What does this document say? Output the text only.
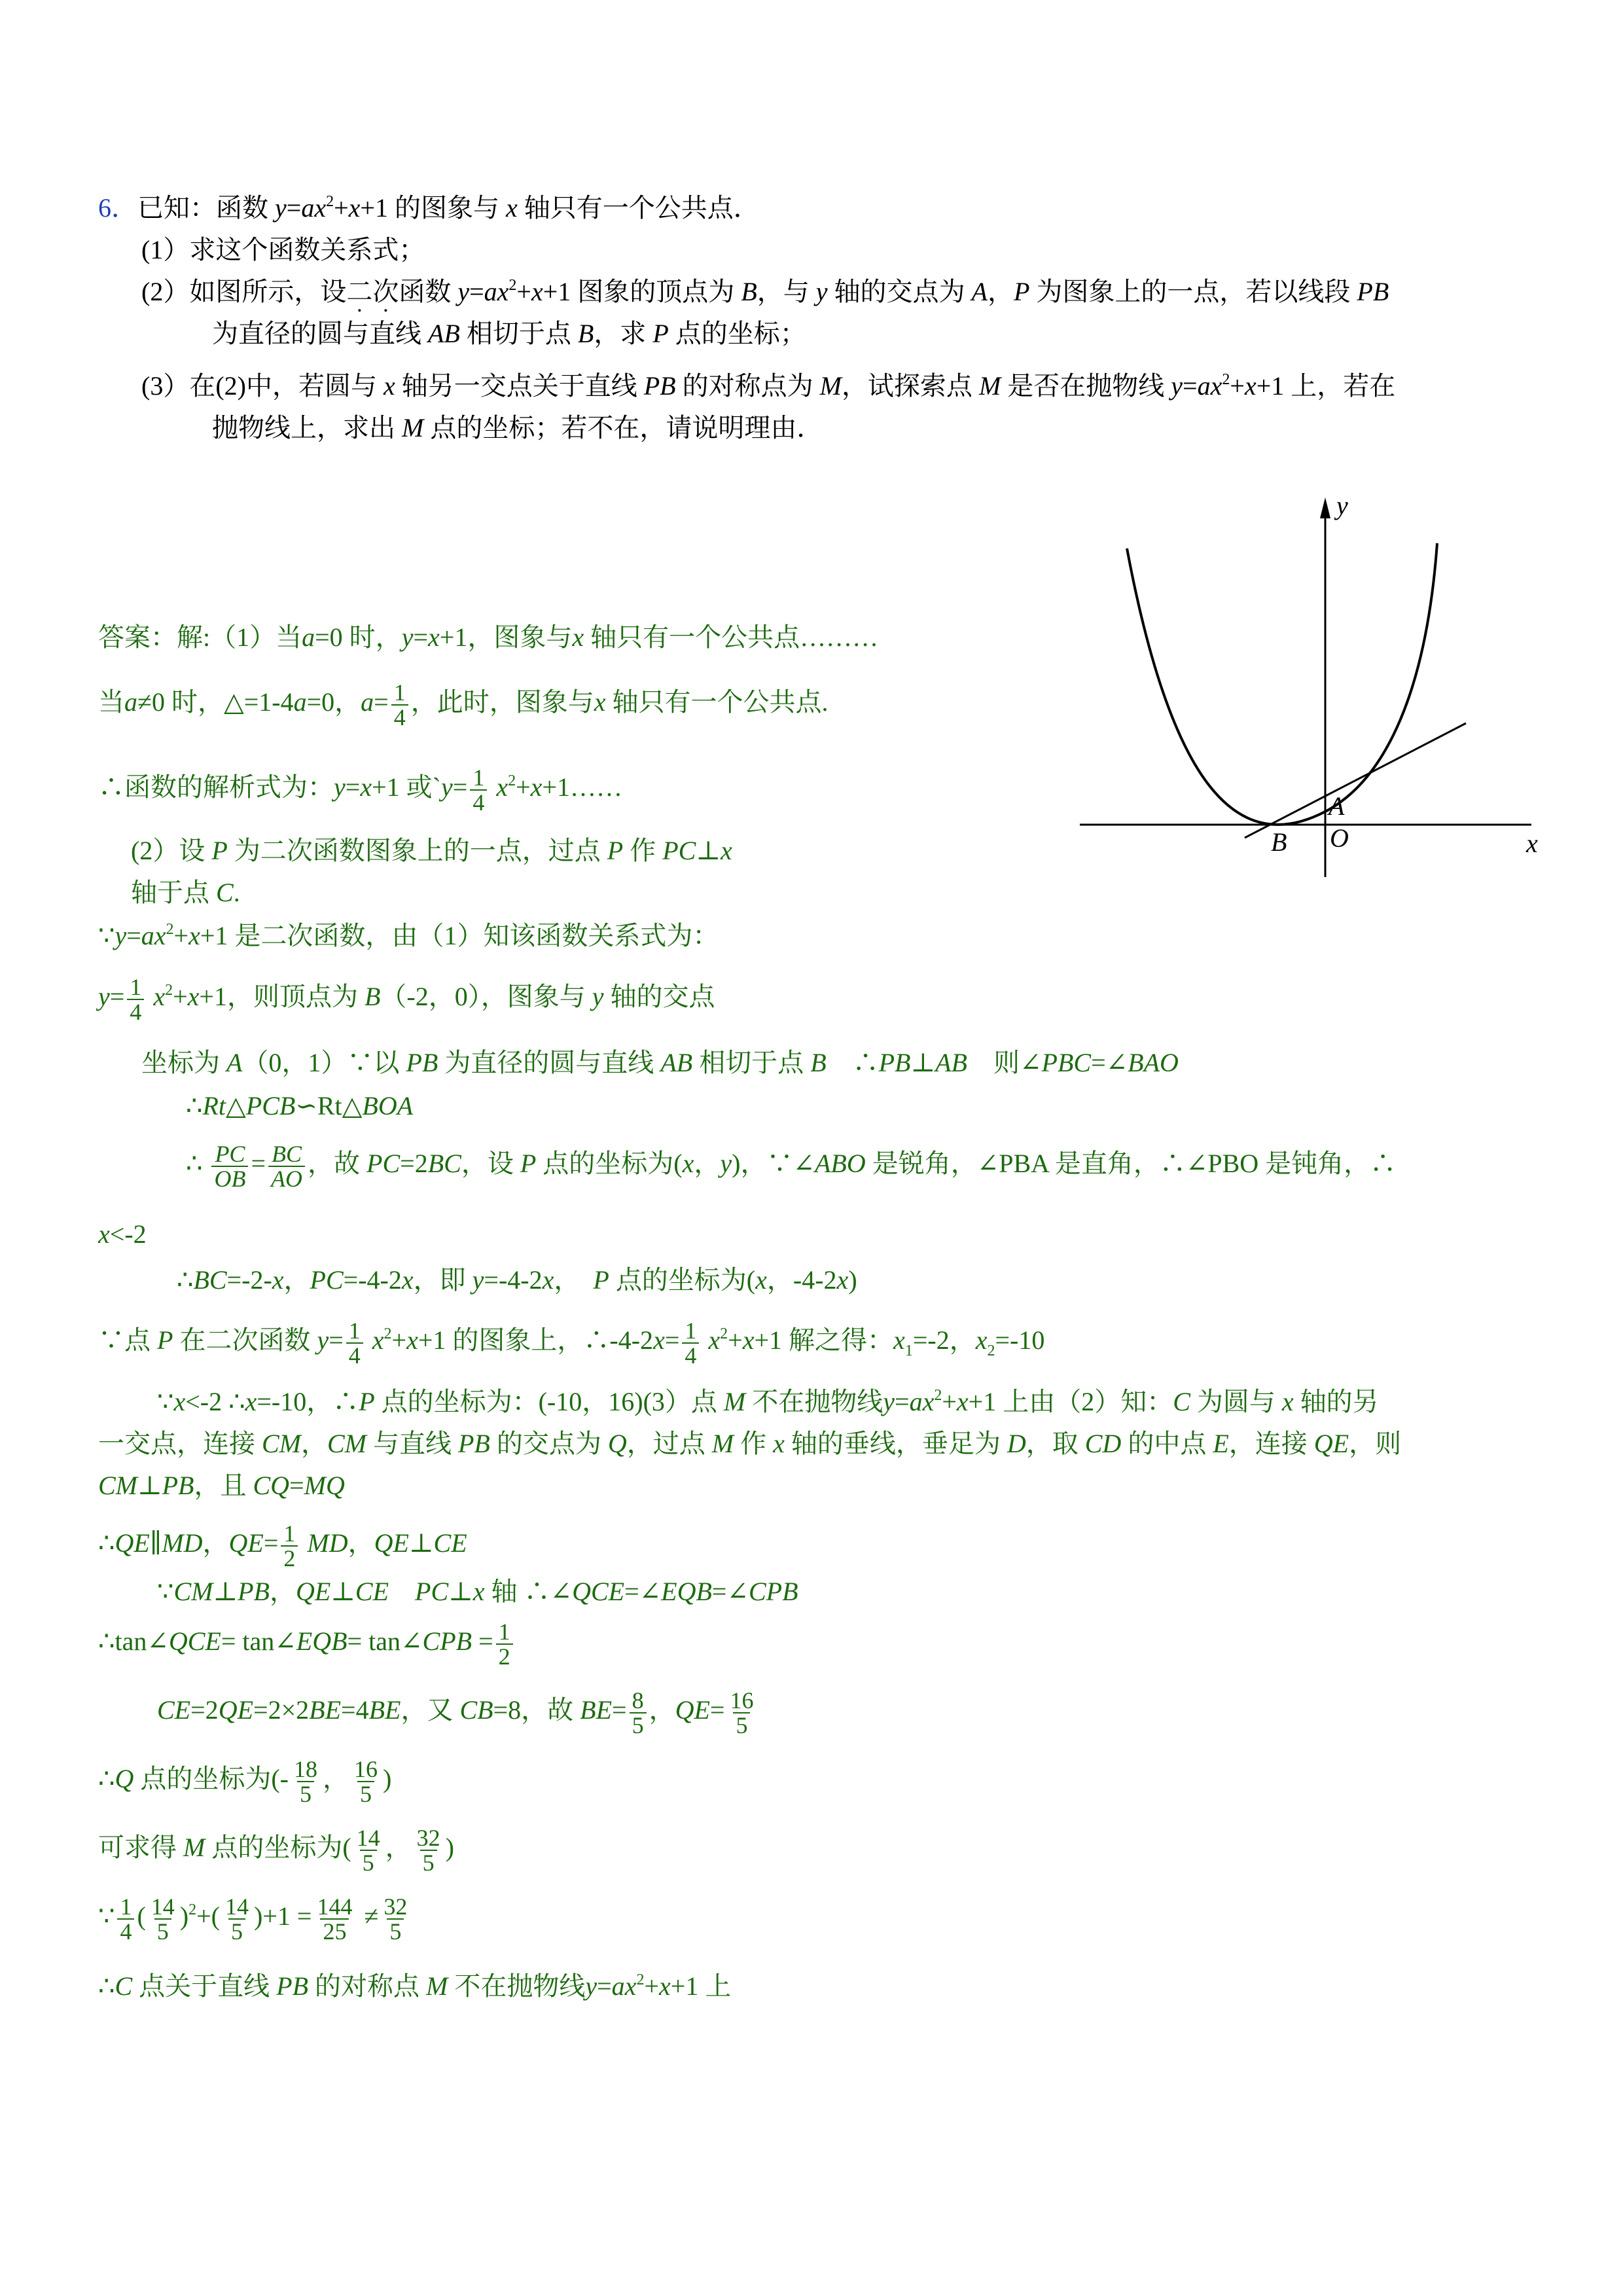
6．已知：函数 $y=ax^2+x+1$ 的图象与 x 轴只有一个公共点．
(1）求这个函数关系式；
(2）如图所示，设二次函数 $y=ax^2+x+1$ 图象的顶点为 B，与 y 轴的交点为 A，P 为图象上的一点，若以线段 PB
为直径的圆与直线 AB 相切于点 B，求 P 点的坐标；
(3）在(2)中，若圆与 x 轴另一交点关于直线 PB 的对称点为 M，试探索点 M 是否在抛物线 $y=ax^2+x+1$ 上，若在
抛物线上，求出 M 点的坐标；若不在，请说明理由．
y
x
A
B O
答案：解:（1）当a=0 时，y=x+1，图象与x 轴只有一个公共点………
当a≠0 时，△=1-4a=0，$a= \frac{1}{4}$ ，此时，图象与x 轴只有一个公共点.
∴函数的解析式为：y=x+1 或`y= $\frac{1}{4}$ $x^2+x+1\dots\dots$
(2）设 P 为二次函数图象上的一点，过点 P 作 PC⊥x
轴于点 C.
$\because y=ax^2+x+1$ 是二次函数，由（1）知该函数关系式为：
$y= \frac{1}{4} x^2+x+1$，则顶点为 B（-2，0），图象与 y 轴的交点
坐标为 A（0，1）∵以 PB 为直径的圆与直线 AB 相切于点 B　∴PB⊥AB　则∠PBC=∠BAO
∴Rt△PCB∽Rt△BOA
∴ $\frac{PC}{OB} = \frac{BC}{AO}$ ，故 PC=2BC，设 P 点的坐标为(x，y)，∵∠ABO 是锐角，∠PBA 是直角，∴∠PBO 是钝角，∴
x<-2
∴BC=-2-x，PC=-4-2x，即 y=-4-2x，　P 点的坐标为(x，-4-2x)
∵点 P 在二次函数 $y= \frac{1}{4} x^2+x+1$ 的图象上，∴-4-2x= $\frac{1}{4} x^2+x+1$ 解之得：$x_1=-2$，$x_2=-10$
∵x<-2 ∴x=-10，∴P 点的坐标为：(-10，16)(3）点 M 不在抛物线$y=ax^2+x+1$ 上由（2）知：C 为圆与 x 轴的另
一交点，连接 CM，CM 与直线 PB 的交点为 Q，过点 M 作 x 轴的垂线，垂足为 D，取 CD 的中点 E，连接 QE，则
CM⊥PB，且 CQ=MQ
∴QE∥MD，$QE= \frac{1}{2}$ MD，QE⊥CE
∵CM⊥PB，QE⊥CE　 PC⊥x 轴 ∴∠QCE=∠EQB=∠CPB
∴tan∠QCE= tan∠EQB= tan∠CPB = $\frac{1}{2}$
CE=2QE=2×2BE=4BE，又 CB=8，故 $BE= \frac{8}{5}$ ，$QE= \frac{16}{5}$
∴Q 点的坐标为(- $\frac{18}{5}$ ， $\frac{16}{5}$ )
可求得 M 点的坐标为( $\frac{14}{5}$ ， $\frac{32}{5}$ )
∵ $\frac{1}{4}$ ( $\frac{14}{5} )^2+( \frac{14}{5} )+1 = \frac{144}{25} \ne \frac{32}{5}$
∴C 点关于直线 PB 的对称点 M 不在抛物线$y=ax^2+x+1$ 上
